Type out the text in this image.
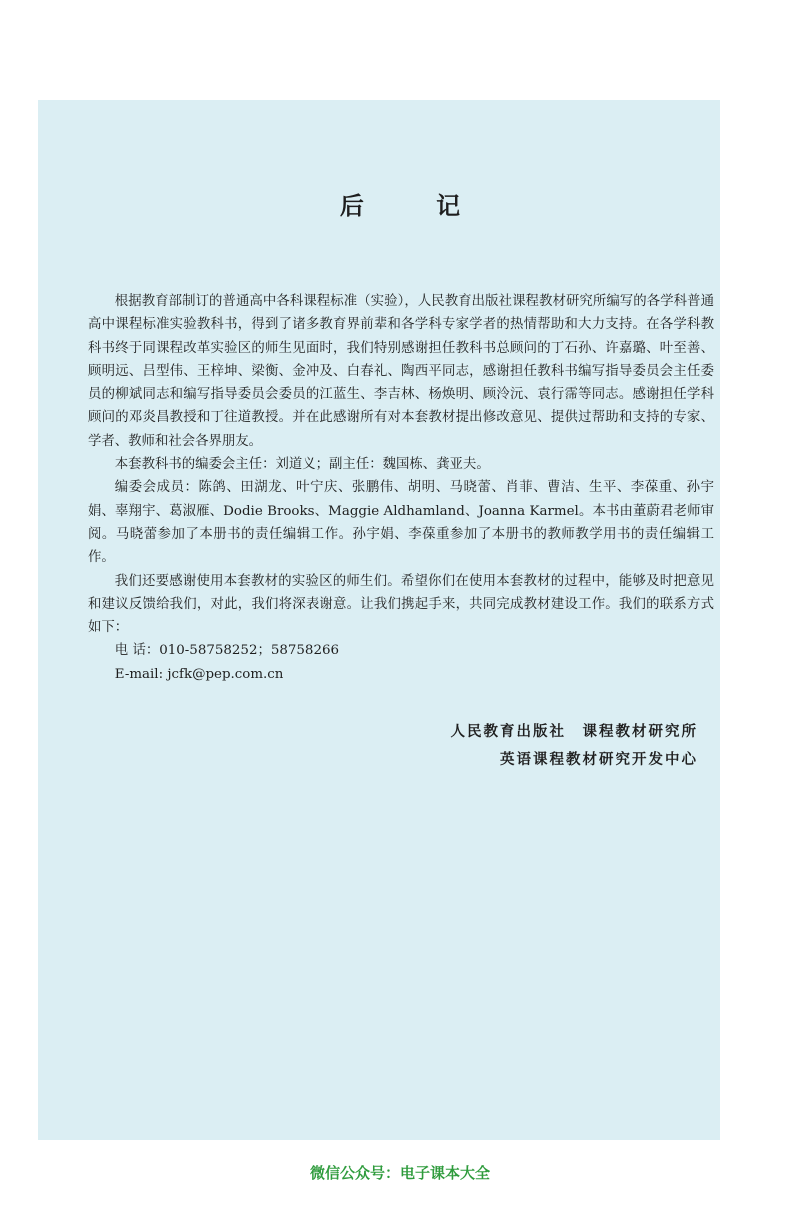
后 记

根据教育部制订的普通高中各科课程标准（实验），人民教育出版社课程教材研究所编写的各学科普通高中课程标准实验教科书，得到了诸多教育界前辈和各学科专家学者的热情帮助和大力支持。在各学科教科书终于同课程改革实验区的师生见面时，我们特别感谢担任教科书总顾问的丁石孙、许嘉璐、叶至善、顾明远、吕型伟、王梓坤、梁衡、金冲及、白春礼、陶西平同志，感谢担任教科书编写指导委员会主任委员的柳斌同志和编写指导委员会委员的江蓝生、李吉林、杨焕明、顾泠沅、袁行霈等同志。感谢担任学科顾问的邓炎昌教授和丁往道教授。并在此感谢所有对本套教材提出修改意见、提供过帮助和支持的专家、学者、教师和社会各界朋友。

本套教科书的编委会主任：刘道义；副主任：魏国栋、龚亚夫。

编委会成员：陈鸽、田湖龙、叶宁庆、张鹏伟、胡明、马晓蕾、肖菲、曹洁、生平、李葆重、孙宇娟、辜翔宇、葛淑雁、Dodie Brooks、Maggie Aldhamland、Joanna Karmel。本书由董蔚君老师审阅。马晓蕾参加了本册书的责任编辑工作。孙宇娟、李葆重参加了本册书的教师教学用书的责任编辑工作。

我们还要感谢使用本套教材的实验区的师生们。希望你们在使用本套教材的过程中，能够及时把意见和建议反馈给我们，对此，我们将深表谢意。让我们携起手来，共同完成教材建设工作。我们的联系方式如下：

电 话：010-58758252；58758266
E-mail: jcfk@pep.com.cn
人民教育出版社　课程教材研究所
英语课程教材研究开发中心
微信公众号：电子课本大全
